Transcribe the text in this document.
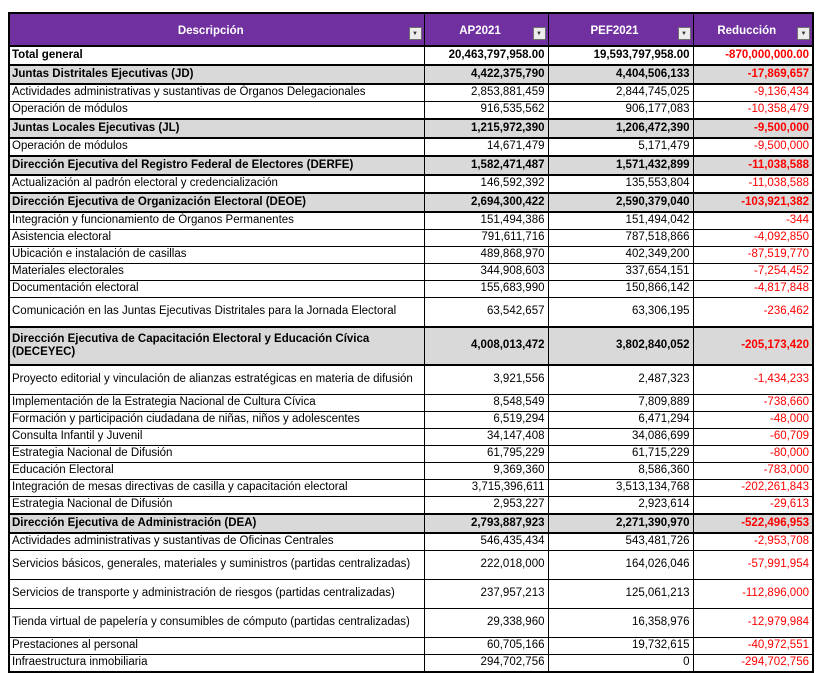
Descripción ▼	AP2021 ▼	PEF2021 ▼	Reducción ▼

Total general	20,463,797,958.00	19,593,797,958.00	-870,000,000.00
Juntas Distritales Ejecutivas (JD)	4,422,375,790	4,404,506,133	-17,869,657
Actividades administrativas y sustantivas de Órganos Delegacionales	2,853,881,459	2,844,745,025	-9,136,434
Operación de módulos	916,535,562	906,177,083	-10,358,479
Juntas Locales Ejecutivas (JL)	1,215,972,390	1,206,472,390	-9,500,000
Operación de módulos	14,671,479	5,171,479	-9,500,000
Dirección Ejecutiva del Registro Federal de Electores (DERFE)	1,582,471,487	1,571,432,899	-11,038,588
Actualización al padrón electoral y credencialización	146,592,392	135,553,804	-11,038,588
Dirección Ejecutiva de Organización Electoral (DEOE)	2,694,300,422	2,590,379,040	-103,921,382
Integración y funcionamiento de Órganos Permanentes	151,494,386	151,494,042	-344
Asistencia electoral	791,611,716	787,518,866	-4,092,850
Ubicación e instalación de casillas	489,868,970	402,349,200	-87,519,770
Materiales electorales	344,908,603	337,654,151	-7,254,452
Documentación electoral	155,683,990	150,866,142	-4,817,848
Comunicación en las Juntas Ejecutivas Distritales para la Jornada Electoral	63,542,657	63,306,195	-236,462
Dirección Ejecutiva de Capacitación Electoral y Educación Cívica (DECEYEC)	4,008,013,472	3,802,840,052	-205,173,420
Proyecto editorial y vinculación de alianzas estratégicas en materia de difusión	3,921,556	2,487,323	-1,434,233
Implementación de la Estrategia Nacional de Cultura Cívica	8,548,549	7,809,889	-738,660
Formación y participación ciudadana de niñas, niños y adolescentes	6,519,294	6,471,294	-48,000
Consulta Infantil y Juvenil	34,147,408	34,086,699	-60,709
Estrategia Nacional de Difusión	61,795,229	61,715,229	-80,000
Educación Electoral	9,369,360	8,586,360	-783,000
Integración de mesas directivas de casilla y capacitación electoral	3,715,396,611	3,513,134,768	-202,261,843
Estrategia Nacional de Difusión	2,953,227	2,923,614	-29,613
Dirección Ejecutiva de Administración (DEA)	2,793,887,923	2,271,390,970	-522,496,953
Actividades administrativas y sustantivas de Oficinas Centrales	546,435,434	543,481,726	-2,953,708
Servicios básicos, generales, materiales y suministros (partidas centralizadas)	222,018,000	164,026,046	-57,991,954
Servicios de transporte y administración de riesgos (partidas centralizadas)	237,957,213	125,061,213	-112,896,000
Tienda virtual de papelería y consumibles de cómputo (partidas centralizadas)	29,338,960	16,358,976	-12,979,984
Prestaciones al personal	60,705,166	19,732,615	-40,972,551
Infraestructura inmobiliaria	294,702,756	0	-294,702,756
